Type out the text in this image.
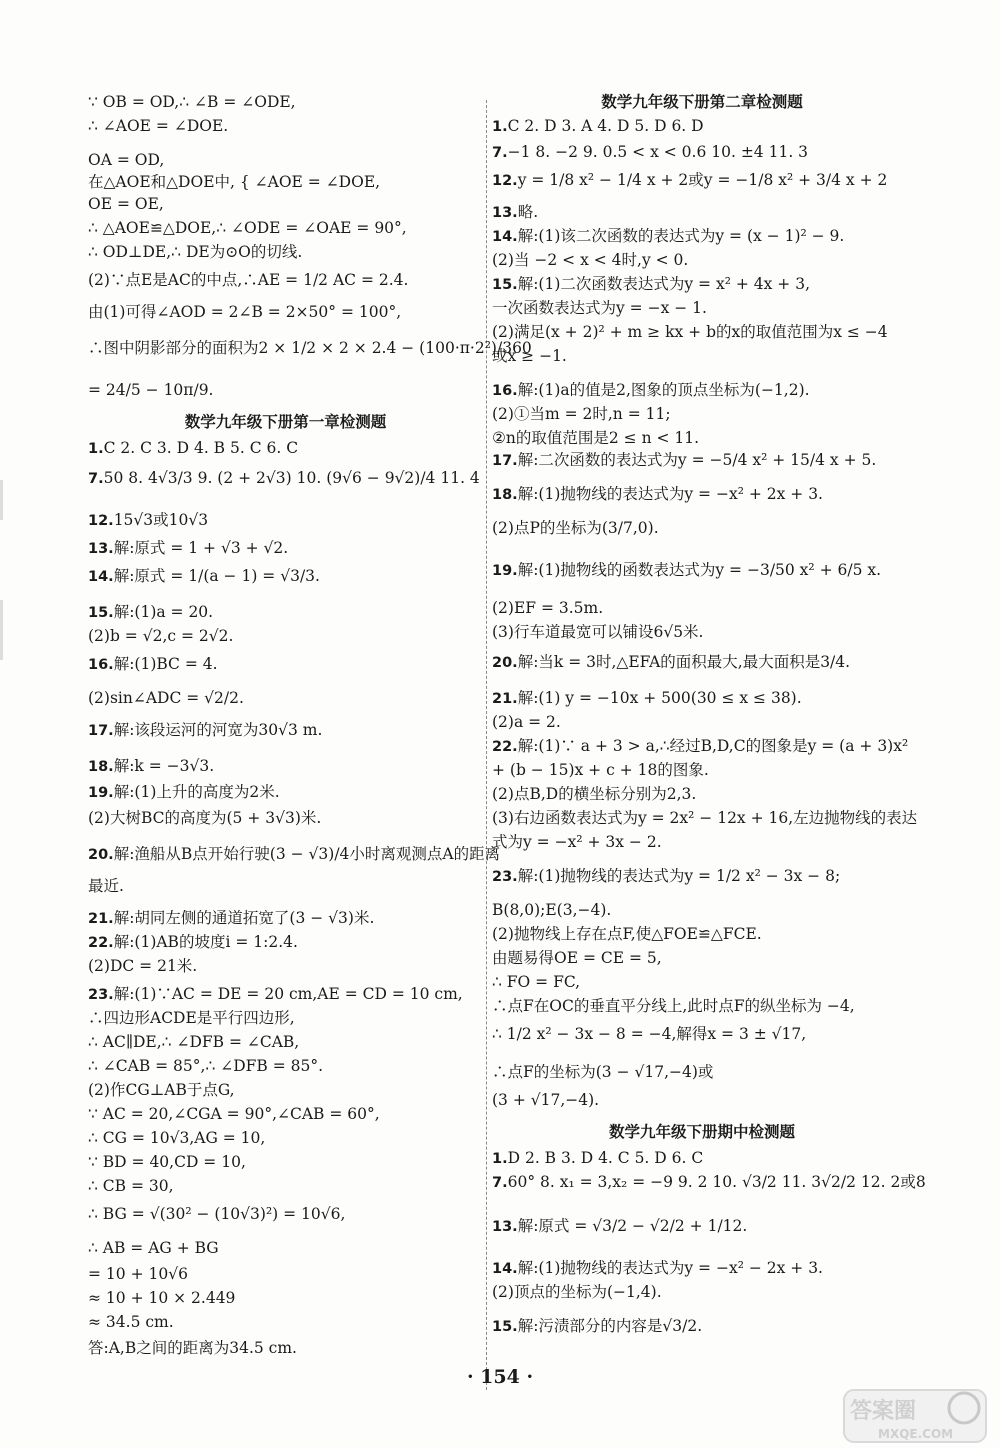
∵ OB = OD,∴ ∠B = ∠ODE,
∴ ∠AOE = ∠DOE.
OA = OD,
在△AOE和△DOE中, { ∠AOE = ∠DOE,
OE = OE,
∴ △AOE≌△DOE,∴ ∠ODE = ∠OAE = 90°,
∴ OD⊥DE,∴ DE为⊙O的切线.
(2)∵点E是AC的中点,∴AE = 1/2 AC = 2.4.
由(1)可得∠AOD = 2∠B = 2×50° = 100°,
∴图中阴影部分的面积为2 × 1/2 × 2 × 2.4 − (100·π·2²)/360
= 24/5 − 10π/9.
数学九年级下册第一章检测题
1.C 2. C 3. D 4. B 5. C 6. C
7.50 8. 4√3/3 9. (2 + 2√3) 10. (9√6 − 9√2)/4 11. 4
12.15√3或10√3
13.解:原式 = 1 + √3 + √2.
14.解:原式 = 1/(a − 1) = √3/3.
15.解:(1)a = 20.
(2)b = √2,c = 2√2.
16.解:(1)BC = 4.
(2)sin∠ADC = √2/2.
17.解:该段运河的河宽为30√3 m.
18.解:k = −3√3.
19.解:(1)上升的高度为2米.
(2)大树BC的高度为(5 + 3√3)米.
20.解:渔船从B点开始行驶(3 − √3)/4小时离观测点A的距离
最近.
21.解:胡同左侧的通道拓宽了(3 − √3)米.
22.解:(1)AB的坡度i = 1:2.4.
(2)DC = 21米.
23.解:(1)∵AC = DE = 20 cm,AE = CD = 10 cm,
∴四边形ACDE是平行四边形,
∴ AC∥DE,∴ ∠DFB = ∠CAB,
∴ ∠CAB = 85°,∴ ∠DFB = 85°.
(2)作CG⊥AB于点G,
∵ AC = 20,∠CGA = 90°,∠CAB = 60°,
∴ CG = 10√3,AG = 10,
∵ BD = 40,CD = 10,
∴ CB = 30,
∴ BG = √(30² − (10√3)²) = 10√6,
∴ AB = AG + BG
= 10 + 10√6
≈ 10 + 10 × 2.449
≈ 34.5 cm.
答:A,B之间的距离为34.5 cm.
数学九年级下册第二章检测题
1.C 2. D 3. A 4. D 5. D 6. D
7.−1 8. −2 9. 0.5 < x < 0.6 10. ±4 11. 3
12.y = 1/8 x² − 1/4 x + 2或y = −1/8 x² + 3/4 x + 2
13.略.
14.解:(1)该二次函数的表达式为y = (x − 1)² − 9.
(2)当 −2 < x < 4时,y < 0.
15.解:(1)二次函数表达式为y = x² + 4x + 3,
一次函数表达式为y = −x − 1.
(2)满足(x + 2)² + m ≥ kx + b的x的取值范围为x ≤ −4
或x ≥ −1.
16.解:(1)a的值是2,图象的顶点坐标为(−1,2).
(2)①当m = 2时,n = 11;
②n的取值范围是2 ≤ n < 11.
17.解:二次函数的表达式为y = −5/4 x² + 15/4 x + 5.
18.解:(1)抛物线的表达式为y = −x² + 2x + 3.
(2)点P的坐标为(3/7,0).
19.解:(1)抛物线的函数表达式为y = −3/50 x² + 6/5 x.
(2)EF = 3.5m.
(3)行车道最宽可以铺设6√5米.
20.解:当k = 3时,△EFA的面积最大,最大面积是3/4.
21.解:(1) y = −10x + 500(30 ≤ x ≤ 38).
(2)a = 2.
22.解:(1)∵ a + 3 > a,∴经过B,D,C的图象是y = (a + 3)x²
+ (b − 15)x + c + 18的图象.
(2)点B,D的横坐标分别为2,3.
(3)右边函数表达式为y = 2x² − 12x + 16,左边抛物线的表达
式为y = −x² + 3x − 2.
23.解:(1)抛物线的表达式为y = 1/2 x² − 3x − 8;
B(8,0);E(3,−4).
(2)抛物线上存在点F,使△FOE≌△FCE.
由题易得OE = CE = 5,
∴ FO = FC,
∴点F在OC的垂直平分线上,此时点F的纵坐标为 −4,
∴ 1/2 x² − 3x − 8 = −4,解得x = 3 ± √17,
∴点F的坐标为(3 − √17,−4)或
(3 + √17,−4).
数学九年级下册期中检测题
1.D 2. B 3. D 4. C 5. D 6. C
7.60° 8. x₁ = 3,x₂ = −9 9. 2 10. √3/2 11. 3√2/2 12. 2或8
13.解:原式 = √3/2 − √2/2 + 1/12.
14.解:(1)抛物线的表达式为y = −x² − 2x + 3.
(2)顶点的坐标为(−1,4).
15.解:污渍部分的内容是√3/2.
· 154 ·
答案圈
MXQE.COM
